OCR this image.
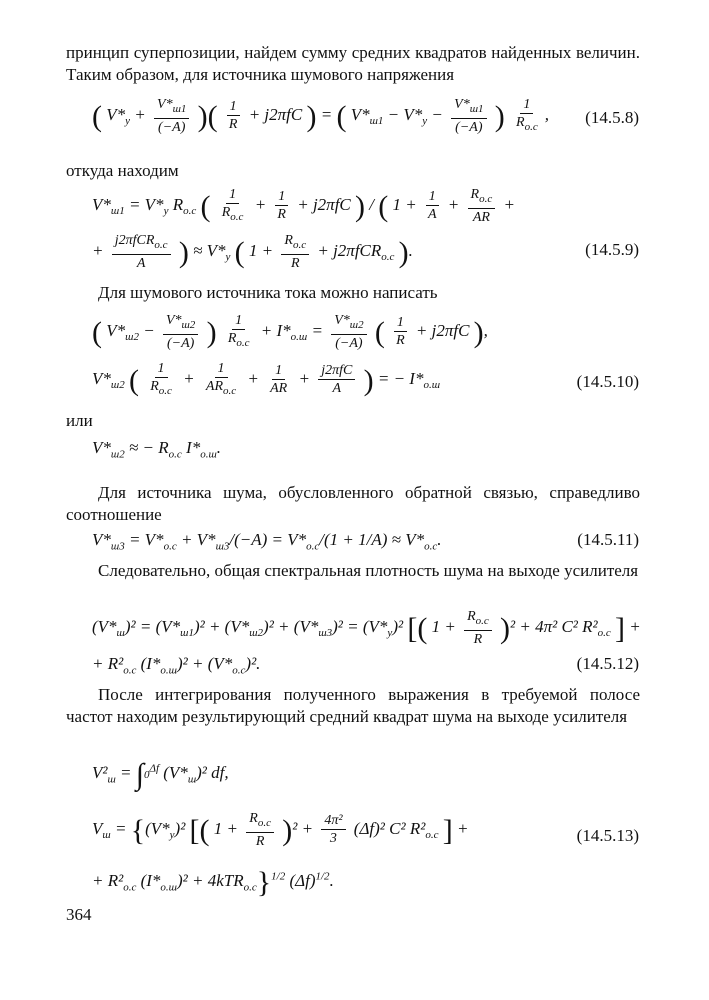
принцип суперпозиции, найдем сумму средних квадратов найденных величин. Таким образом, для источника шумового напряжения

( $V*_у + \frac{V*_{ш1}}{(-A)}$ )( $\frac{1}{R} + j2\pi fC$ ) = ( $V*_{ш1} - V*_у - \frac{V*_{ш1}}{(-A)}$ ) $\frac{1}{R_{о.с}}$ , (14.5.8)

откуда находим

$V*_{ш1} = V*_у$ $R_{о.с}$ ( $\frac{1}{R_{о.с}} + \frac{1}{R} + j2\pi fC$ ) / ( $1 + \frac{1}{A} + \frac{R_{о.с}}{AR}$ +
+ $\frac{j2\pi fCR_{о.с}}{A}$ ) ≈ $V*_у$ ( $1 + \frac{R_{о.с}}{R} + j2\pi fCR_{о.с}$ ).	(14.5.9)

Для шумового источника тока можно написать

( $V*_{ш2} - \frac{V*_{ш2}}{(-A)}$ ) $\frac{1}{R_{о.с}} + I*_{о.ш} = \frac{V*_{ш2}}{(-A)}$ ( $\frac{1}{R} + j2\pi fC$ ),
$V*_{ш2}$ ( $\frac{1}{R_{о.с}} + \frac{1}{AR_{о.с}} + \frac{1}{AR} + \frac{\text{j2πfC}}{A}$ ) = − $I*_{о.ш}$	(14.5.10)

или

$V*_{ш2}$ ≈ − $R_{о.с}$ $I*_{о.ш}$.

Для источника шума, обусловленного обратной связью, справедливо соотношение

$V*_{ш3} = V*_{о.с} + V*_{ш3}/(-A) = V*_{о.с}/(1 + 1/A) \approx V*_{о.с}$.	(14.5.11)

Следовательно, общая спектральная плотность шума на выходе усилителя

$(V*_ш)^2 = (V*_{ш1})^2 + (V*_{ш2})^2 + (V*_{ш3})^2 = (V*_у)^2$ [( $1 + \frac{R_{о.с}}{R} )^2 + 4\pi^2$ C² $R^2_{о.с}$ ] +
+ $R^2_{о.с}$ $(I*_{о.ш})^2 + (V*_{о.с})^2$.	(14.5.12)

После интегрирования полученного выражения в требуемой полосе частот находим результирующий средний квадрат шума на выходе усилителя

$V^2_ш = \int 0^{\Delta f}$ $(V*_ш)^2$ df,
$V_ш = \{(V*_у)^2$ [( $1 + \frac{R_{о.с}}{R} )^2 + \frac{\text{4π²}}{3} (\Delta f)^2$ C² $R^2_{о.с}$ ] +
+ $R^2_{о.с}$ $(I*_{о.ш})^2 + 4kTR_{о.с}\}^{1/2}$ $(\Delta f)^{1/2}$.
(14.5.13)
364
